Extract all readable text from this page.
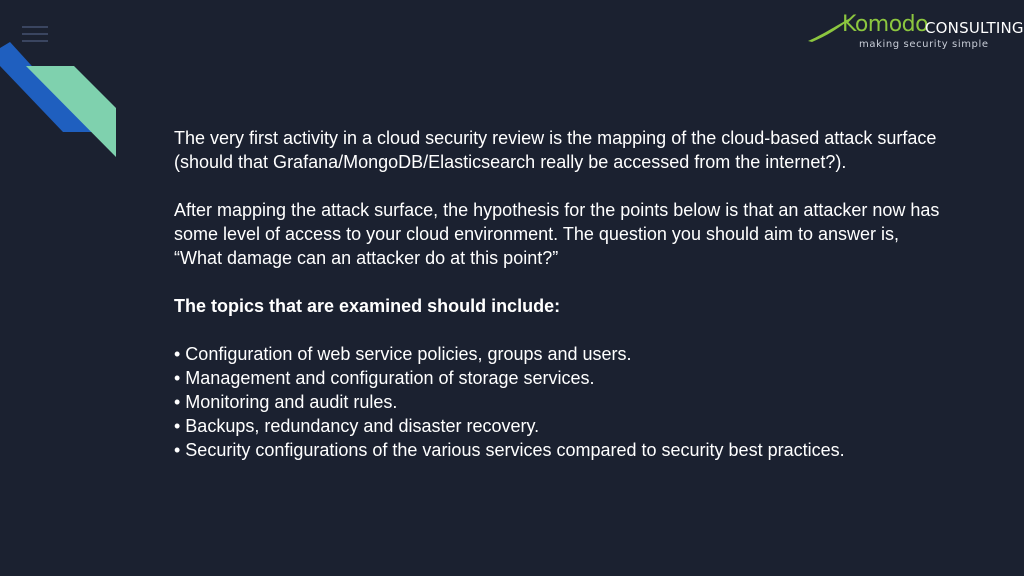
Komodo
CONSULTING
making security simple

The very first activity in a cloud security review is the mapping of the cloud-based attack surface (should that Grafana/MongoDB/Elasticsearch really be accessed from the internet?).

After mapping the attack surface, the hypothesis for the points below is that an attacker now has some level of access to your cloud environment. The question you should aim to answer is, “What damage can an attacker do at this point?”

The topics that are examined should include:

• Configuration of web service policies, groups and users.
• Management and configuration of storage services.
• Monitoring and audit rules.
• Backups, redundancy and disaster recovery.
• Security configurations of the various services compared to security best practices.
